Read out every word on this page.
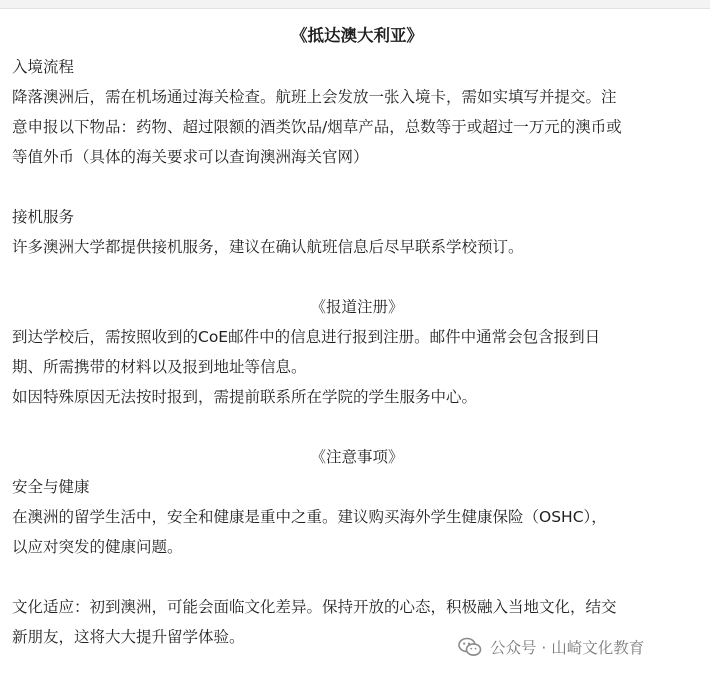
《抵达澳大利亚》
入境流程
降落澳洲后，需在机场通过海关检查。航班上会发放一张入境卡，需如实填写并提交。注
意申报以下物品：药物、超过限额的酒类饮品/烟草产品，总数等于或超过一万元的澳币或
等值外币（具体的海关要求可以查询澳洲海关官网）
接机服务
许多澳洲大学都提供接机服务，建议在确认航班信息后尽早联系学校预订。
《报道注册》
到达学校后，需按照收到的CoE邮件中的信息进行报到注册。邮件中通常会包含报到日
期、所需携带的材料以及报到地址等信息。
如因特殊原因无法按时报到，需提前联系所在学院的学生服务中心。
《注意事项》
安全与健康
在澳洲的留学生活中，安全和健康是重中之重。建议购买海外学生健康保险（OSHC），
以应对突发的健康问题。
文化适应：初到澳洲，可能会面临文化差异。保持开放的心态，积极融入当地文化，结交
新朋友，这将大大提升留学体验。
公众号 · 山崎文化教育
